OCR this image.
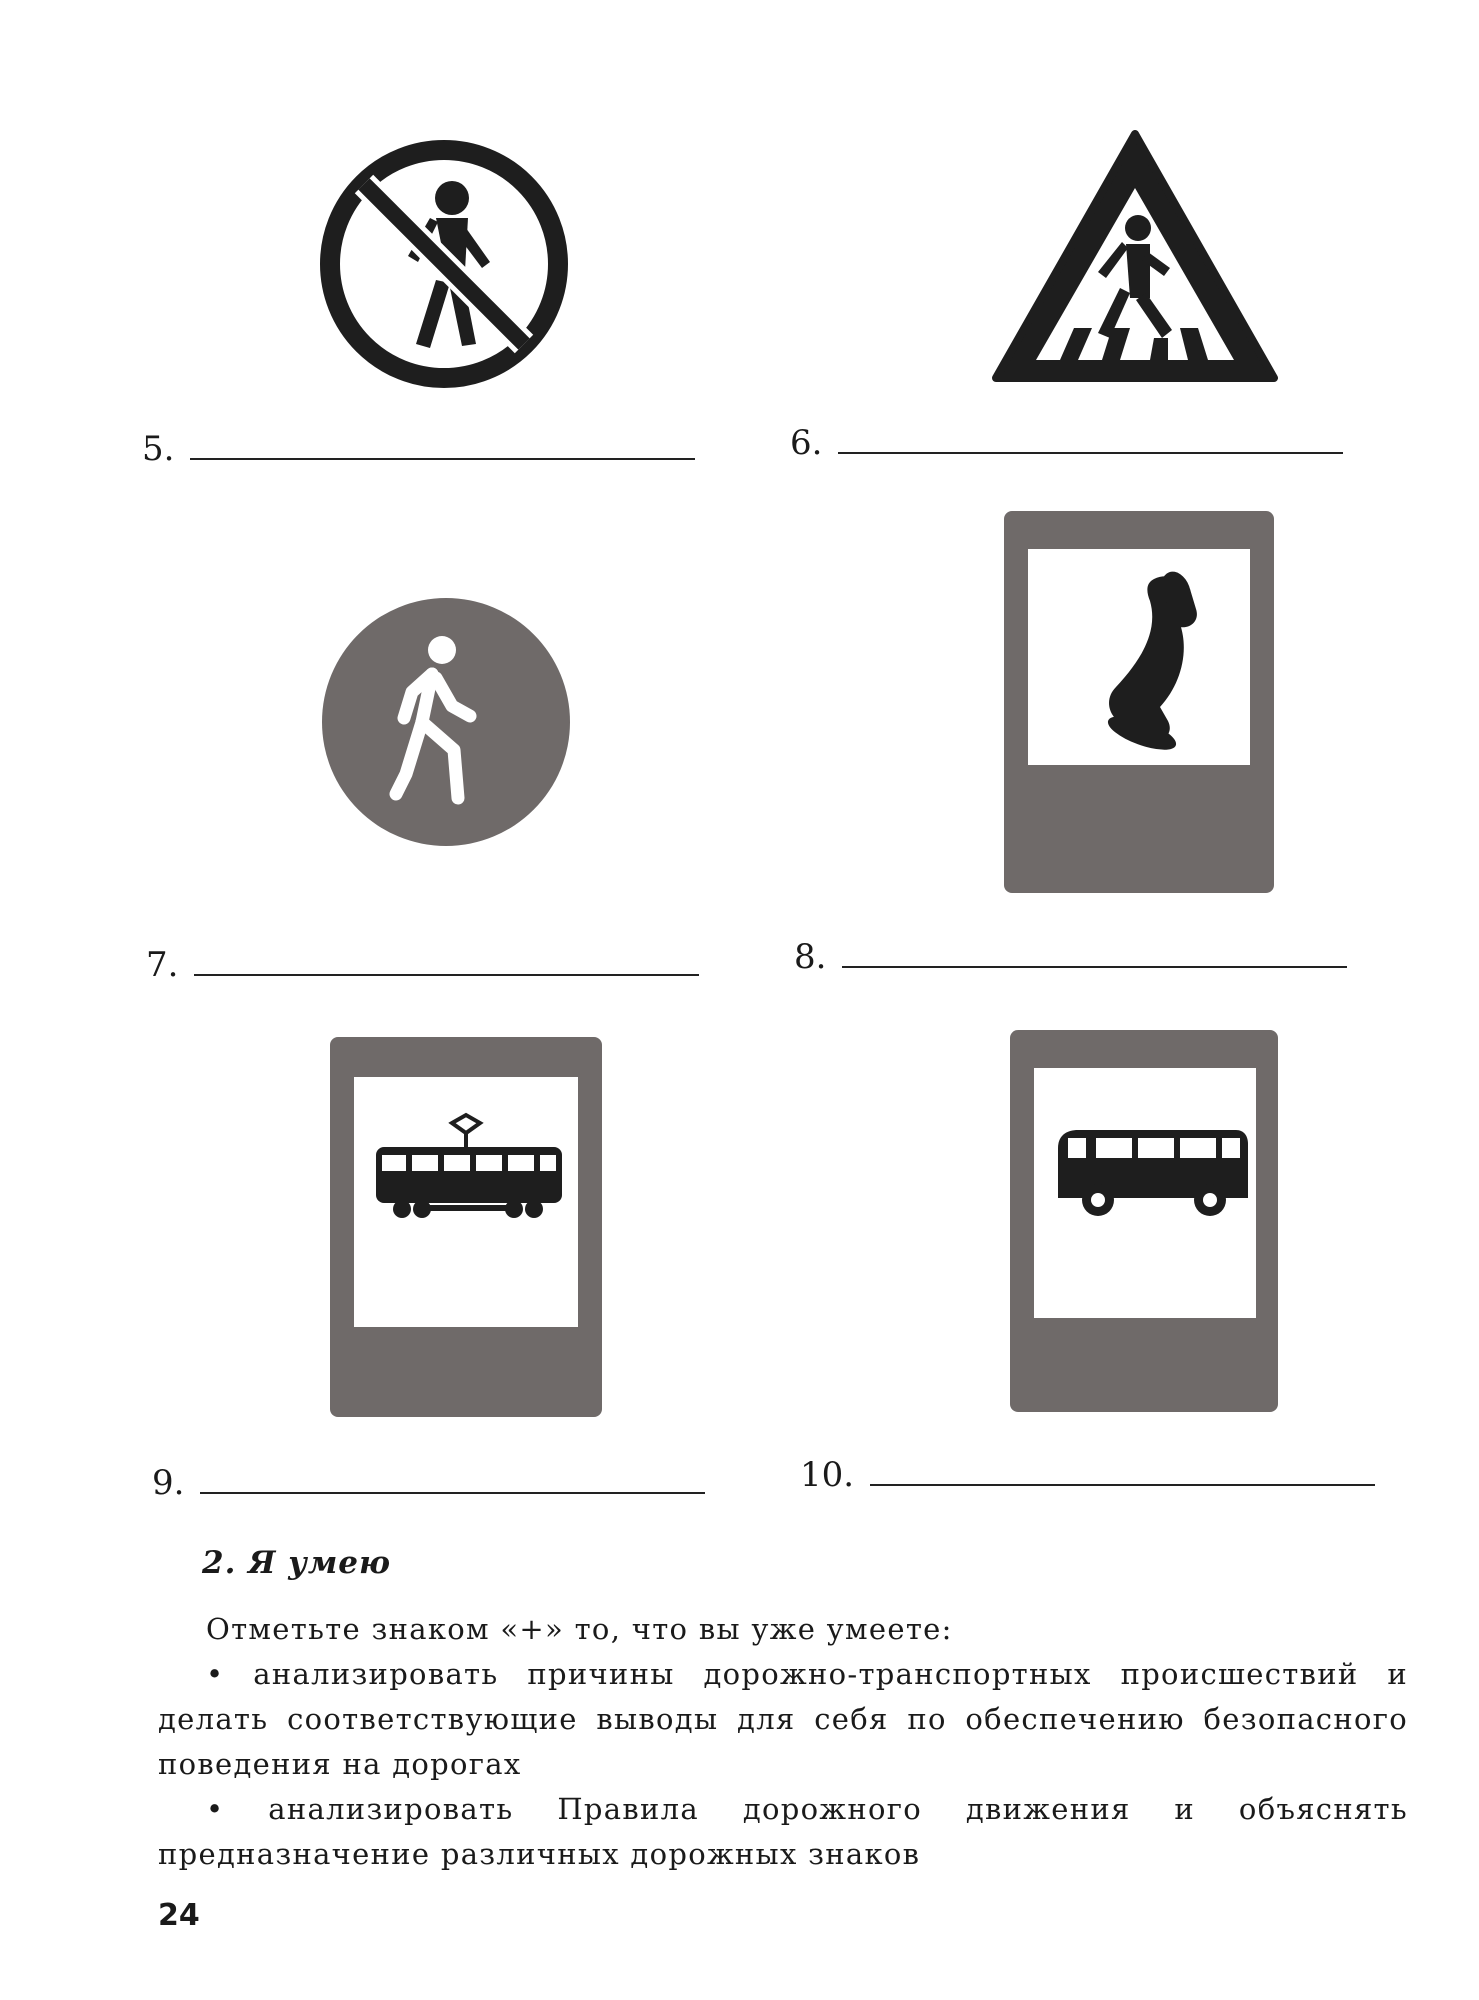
5.	6.
7.	8.
9.	10.
2. Я умею

Отметьте знаком «+» то, что вы уже умеете:

• анализировать причины дорожно-транспортных происшествий и делать соответствующие выводы для себя по обеспечению безопасного поведения на дорогах

• анализировать Правила дорожного движения и объяснять предназначение различных дорожных знаков

24
